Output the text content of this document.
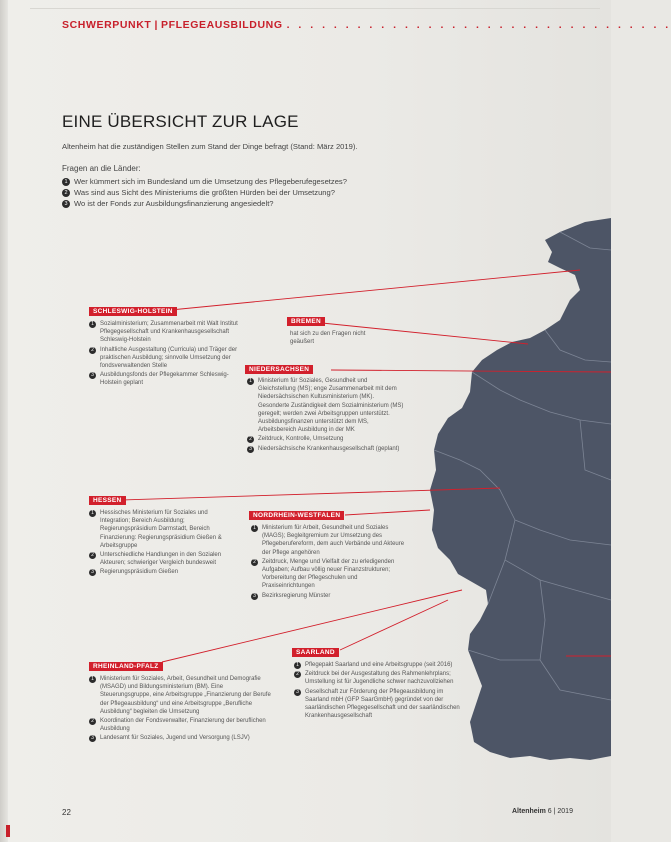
SCHWERPUNKT | PFLEGEAUSBILDUNG . . . . . . . . . . . . . . . . . . . . . . . . . . . . . . . . .
EINE ÜBERSICHT ZUR LAGE
Altenheim hat die zuständigen Stellen zum Stand der Dinge befragt (Stand: März 2019).
Fragen an die Länder:
1 Wer kümmert sich im Bundesland um die Umsetzung des Pflegeberufegesetzes?
2 Was sind aus Sicht des Ministeriums die größten Hürden bei der Umsetzung?
3 Wo ist der Fonds zur Ausbildungsfinanzierung angesiedelt?
SCHLESWIG-HOLSTEIN
1	Sozialministerium; Zusammenarbeit mit Walt Institut Pflegegesellschaft und Krankenhausgesellschaft Schleswig-Holstein
2	Inhaltliche Ausgestaltung (Curricula) und Träger der praktischen Ausbildung; sinnvolle Umsetzung der fondsverwaltenden Stelle
3	Ausbildungsfonds der Pflegekammer Schleswig-Holstein geplant
BREMEN
hat sich zu den Fragen nicht geäußert
NIEDERSACHSEN
1	Ministerium für Soziales, Gesundheit und Gleichstellung (MS); enge Zusammenarbeit mit dem Niedersächsischen Kultusministerium (MK). Gesonderte Zuständigkeit dem Sozialministerium (MS) geregelt; werden zwei Arbeitsgruppen unterstützt. Ausbildungsfinanzen unterstützt dem MS, Arbeitsbereich Ausbildung in der MK
2	Zeitdruck, Kontrolle, Umsetzung
3	Niedersächsische Krankenhausgesellschaft (geplant)
HESSEN
1	Hessisches Ministerium für Soziales und Integration; Bereich Ausbildung; Regierungspräsidium Darmstadt, Bereich Finanzierung: Regierungspräsidium Gießen & Arbeitsgruppe
2	Unterschiedliche Handlungen in den Sozialen Akteuren; schwieriger Vergleich bundesweit
3	Regierungspräsidium Gießen
NORDRHEIN-WESTFALEN
1	Ministerium für Arbeit, Gesundheit und Soziales (MAGS); Begleitgremium zur Umsetzung des Pflegeberufereform, dem auch Verbände und Akteure der Pflege angehören
2	Zeitdruck, Menge und Vielfalt der zu erledigenden Aufgaben; Aufbau völlig neuer Finanzstrukturen; Vorbereitung der Pflegeschulen und Praxiseinrichtungen
3	Bezirksregierung Münster
RHEINLAND-PFALZ
1	Ministerium für Soziales, Arbeit, Gesundheit und Demografie (MSAGD) und Bildungsministerium (BM). Eine Steuerungsgruppe, eine Arbeitsgruppe „Finanzierung der Berufe der Pflegeausbildung“ und eine Arbeitsgruppe „Berufliche Ausbildung“ begleiten die Umsetzung
2	Koordination der Fondsverwalter, Finanzierung der beruflichen Ausbildung
3	Landesamt für Soziales, Jugend und Versorgung (LSJV)
SAARLAND
1	Pflegepakt Saarland und eine Arbeitsgruppe (seit 2016)
2	Zeitdruck bei der Ausgestaltung des Rahmenlehrplans; Umstellung ist für Jugendliche schwer nachzuvollziehen
3	Gesellschaft zur Förderung der Pflegeausbildung im Saarland mbH (GFP SaarGmbH) gegründet von der saarländischen Pflegegesellschaft und der saarländischen Krankenhausgesellschaft
22	Altenheim 6 | 2019
